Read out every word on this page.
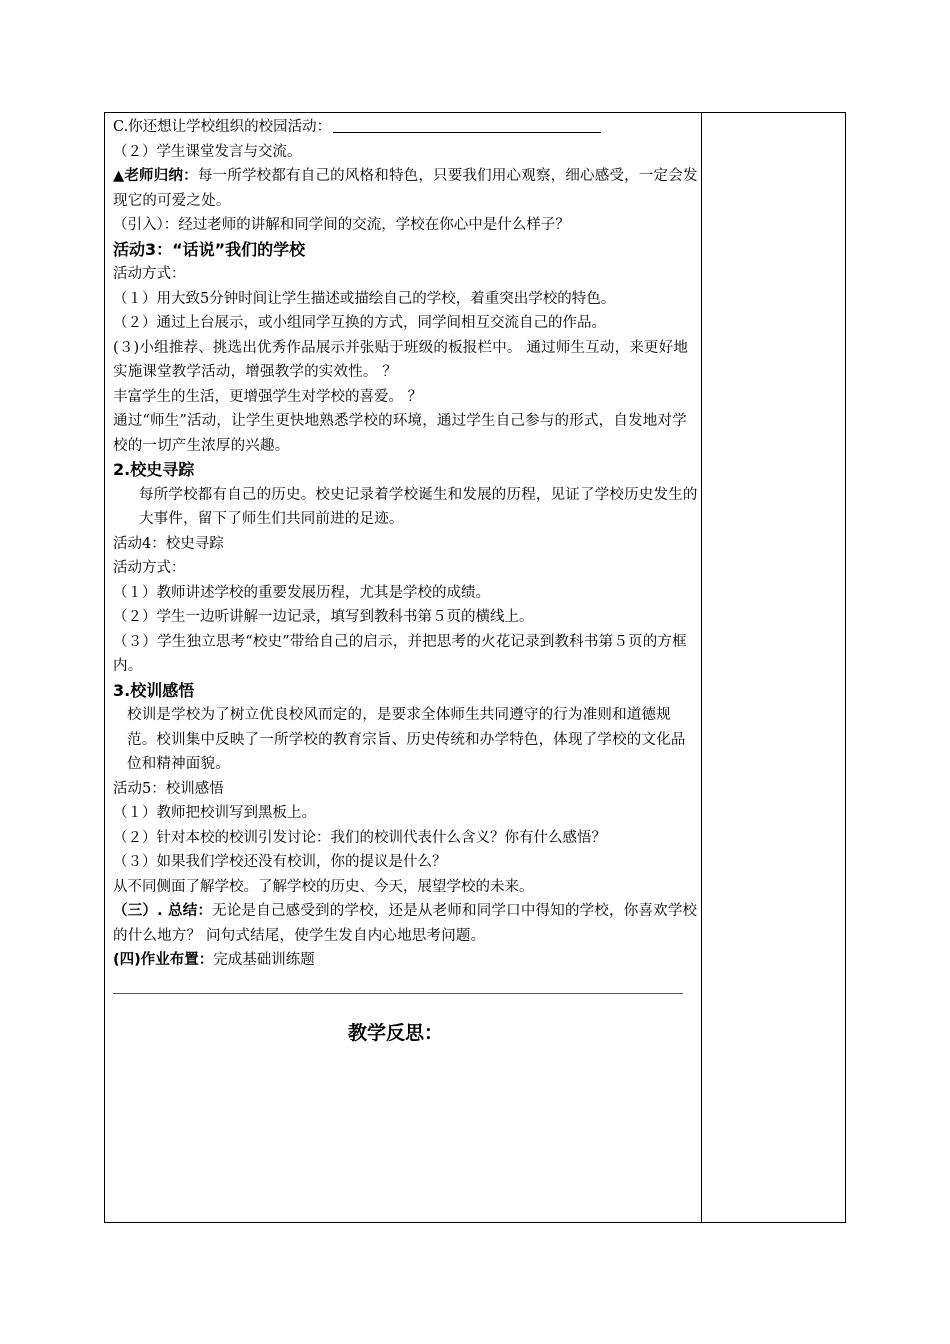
C.你还想让学校组织的校园活动：
（２）学生课堂发言与交流。
▲老师归纳：每一所学校都有自己的风格和特色，只要我们用心观察，细心感受，一定会发现它的可爱之处。
（引入）：经过老师的讲解和同学间的交流，学校在你心中是什么样子？
活动3：“话说”我们的学校
活动方式：
（１）用大致5分钟时间让学生描述或描绘自己的学校，着重突出学校的特色。
（２）通过上台展示，或小组同学互换的方式，同学间相互交流自己的作品。
(３)小组推荐、挑选出优秀作品展示并张贴于班级的板报栏中。 通过师生互动，来更好地实施课堂教学活动，增强教学的实效性。 ？
丰富学生的生活，更增强学生对学校的喜爱。 ？
通过“师生”活动，让学生更快地熟悉学校的环境，通过学生自己参与的形式，自发地对学校的一切产生浓厚的兴趣。
2.校史寻踪
每所学校都有自己的历史。校史记录着学校诞生和发展的历程，见证了学校历史发生的大事件，留下了师生们共同前进的足迹。
活动4：校史寻踪
活动方式：
（１）教师讲述学校的重要发展历程，尤其是学校的成绩。
（２）学生一边听讲解一边记录，填写到教科书第５页的横线上。
（３）学生独立思考“校史”带给自己的启示，并把思考的火花记录到教科书第５页的方框内。
3.校训感悟
校训是学校为了树立优良校风而定的，是要求全体师生共同遵守的行为准则和道德规范。校训集中反映了一所学校的教育宗旨、历史传统和办学特色，体现了学校的文化品位和精神面貌。
活动5：校训感悟
（１）教师把校训写到黑板上。
（２）针对本校的校训引发讨论：我们的校训代表什么含义？你有什么感悟？
（３）如果我们学校还没有校训，你的提议是什么？
从不同侧面了解学校。了解学校的历史、今天，展望学校的未来。
（三）. 总结：无论是自己感受到的学校，还是从老师和同学口中得知的学校，你喜欢学校的什么地方？ 问句式结尾，使学生发自内心地思考问题。
(四)作业布置：完成基础训练题
教学反思：
